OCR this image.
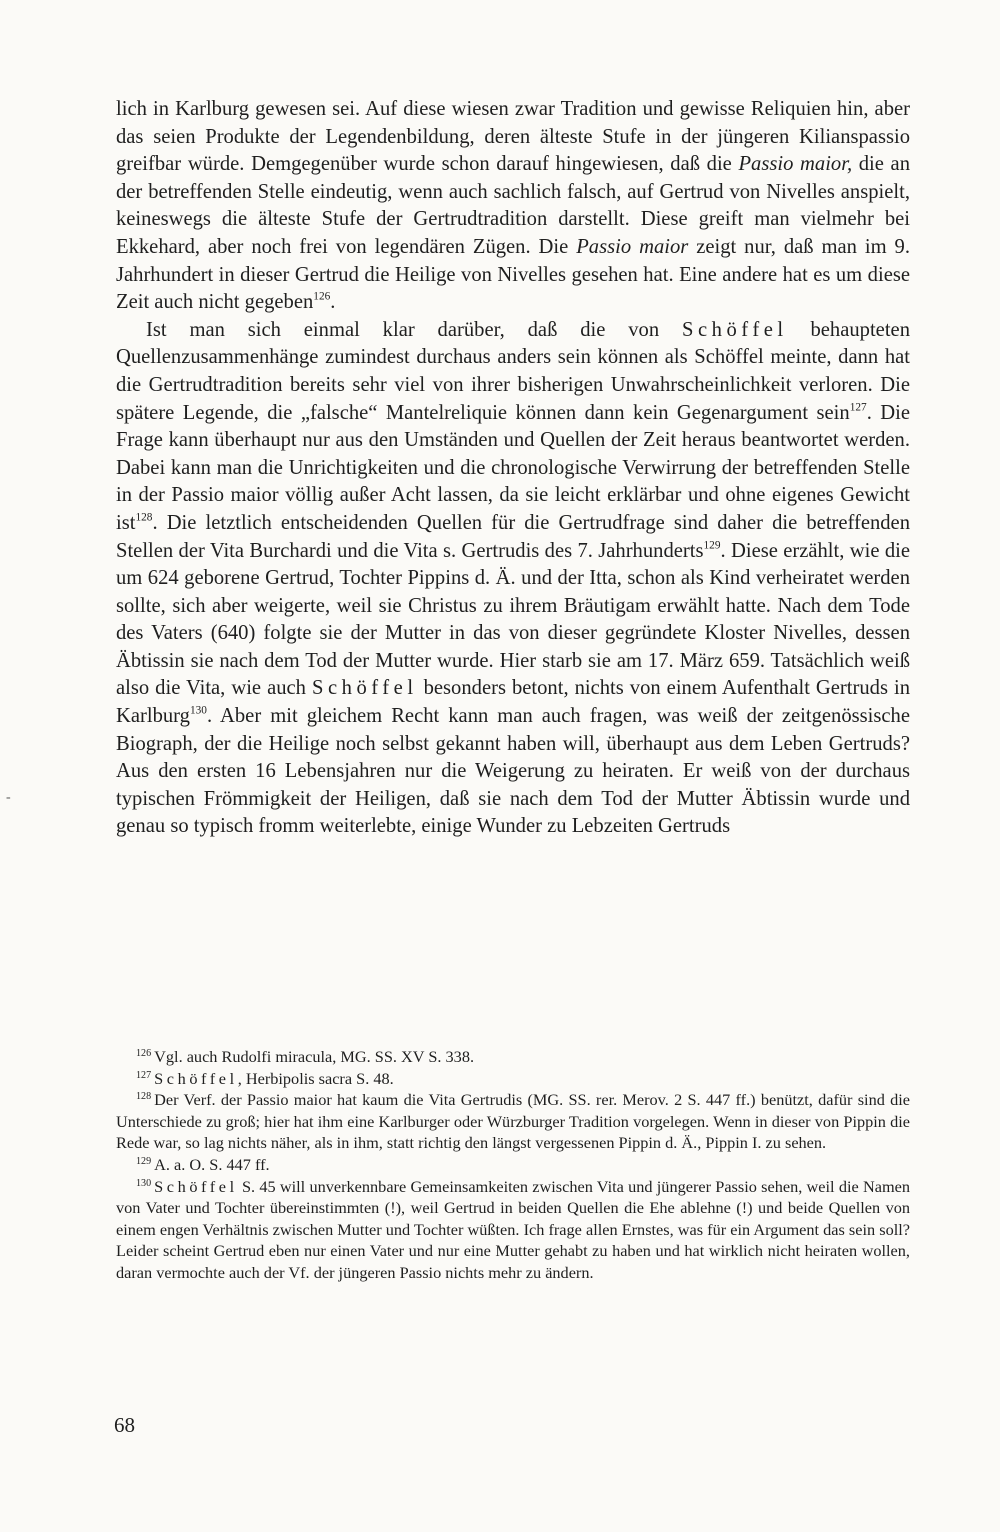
lich in Karlburg gewesen sei. Auf diese wiesen zwar Tradition und gewisse Reliquien hin, aber das seien Produkte der Legendenbildung, deren älteste Stufe in der jüngeren Kilianspassio greifbar würde. Demgegenüber wurde schon darauf hingewiesen, daß die Passio maior, die an der betreffenden Stelle eindeutig, wenn auch sachlich falsch, auf Gertrud von Nivelles anspielt, keineswegs die älteste Stufe der Gertrudtradition darstellt. Diese greift man vielmehr bei Ekkehard, aber noch frei von legendären Zügen. Die Passio maior zeigt nur, daß man im 9. Jahrhundert in dieser Gertrud die Heilige von Nivelles gesehen hat. Eine andere hat es um diese Zeit auch nicht gegeben$^{126}$.

Ist man sich einmal klar darüber, daß die von Schöffel behaupteten Quellenzusammenhänge zumindest durchaus anders sein können als Schöffel meinte, dann hat die Gertrudtradition bereits sehr viel von ihrer bisherigen Unwahrscheinlichkeit verloren. Die spätere Legende, die „falsche“ Mantelreliquie können dann kein Gegenargument sein$^{127}$. Die Frage kann überhaupt nur aus den Umständen und Quellen der Zeit heraus beantwortet werden. Dabei kann man die Unrichtigkeiten und die chronologische Verwirrung der betreffenden Stelle in der Passio maior völlig außer Acht lassen, da sie leicht erklärbar und ohne eigenes Gewicht ist$^{128}$. Die letztlich entscheidenden Quellen für die Gertrudfrage sind daher die betreffenden Stellen der Vita Burchardi und die Vita s. Gertrudis des 7. Jahrhunderts$^{129}$. Diese erzählt, wie die um 624 geborene Gertrud, Tochter Pippins d. Ä. und der Itta, schon als Kind verheiratet werden sollte, sich aber weigerte, weil sie Christus zu ihrem Bräutigam erwählt hatte. Nach dem Tode des Vaters (640) folgte sie der Mutter in das von dieser gegründete Kloster Nivelles, dessen Äbtissin sie nach dem Tod der Mutter wurde. Hier starb sie am 17. März 659. Tatsächlich weiß also die Vita, wie auch Schöffel besonders betont, nichts von einem Aufenthalt Gertruds in Karlburg$^{130}$. Aber mit gleichem Recht kann man auch fragen, was weiß der zeitgenössische Biograph, der die Heilige noch selbst gekannt haben will, überhaupt aus dem Leben Gertruds? Aus den ersten 16 Lebensjahren nur die Weigerung zu heiraten. Er weiß von der durchaus typischen Frömmigkeit der Heiligen, daß sie nach dem Tod der Mutter Äbtissin wurde und genau so typisch fromm weiterlebte, einige Wunder zu Lebzeiten Gertruds

$^{126}$ Vgl. auch Rudolfi miracula, MG. SS. XV S. 338.

$^{127}$ Schöffel, Herbipolis sacra S. 48.

$^{128}$ Der Verf. der Passio maior hat kaum die Vita Gertrudis (MG. SS. rer. Merov. 2 S. 447 ff.) benützt, dafür sind die Unterschiede zu groß; hier hat ihm eine Karlburger oder Würzburger Tradition vorgelegen. Wenn in dieser von Pippin die Rede war, so lag nichts näher, als in ihm, statt richtig den längst vergessenen Pippin d. Ä., Pippin I. zu sehen.

$^{129}$ A. a. O. S. 447 ff.

$^{130}$ Schöffel S. 45 will unverkennbare Gemeinsamkeiten zwischen Vita und jüngerer Passio sehen, weil die Namen von Vater und Tochter übereinstimmten (!), weil Gertrud in beiden Quellen die Ehe ablehne (!) und beide Quellen von einem engen Verhältnis zwischen Mutter und Tochter wüßten. Ich frage allen Ernstes, was für ein Argument das sein soll? Leider scheint Gertrud eben nur einen Vater und nur eine Mutter gehabt zu haben und hat wirklich nicht heiraten wollen, daran vermochte auch der Vf. der jüngeren Passio nichts mehr zu ändern.

68
-
